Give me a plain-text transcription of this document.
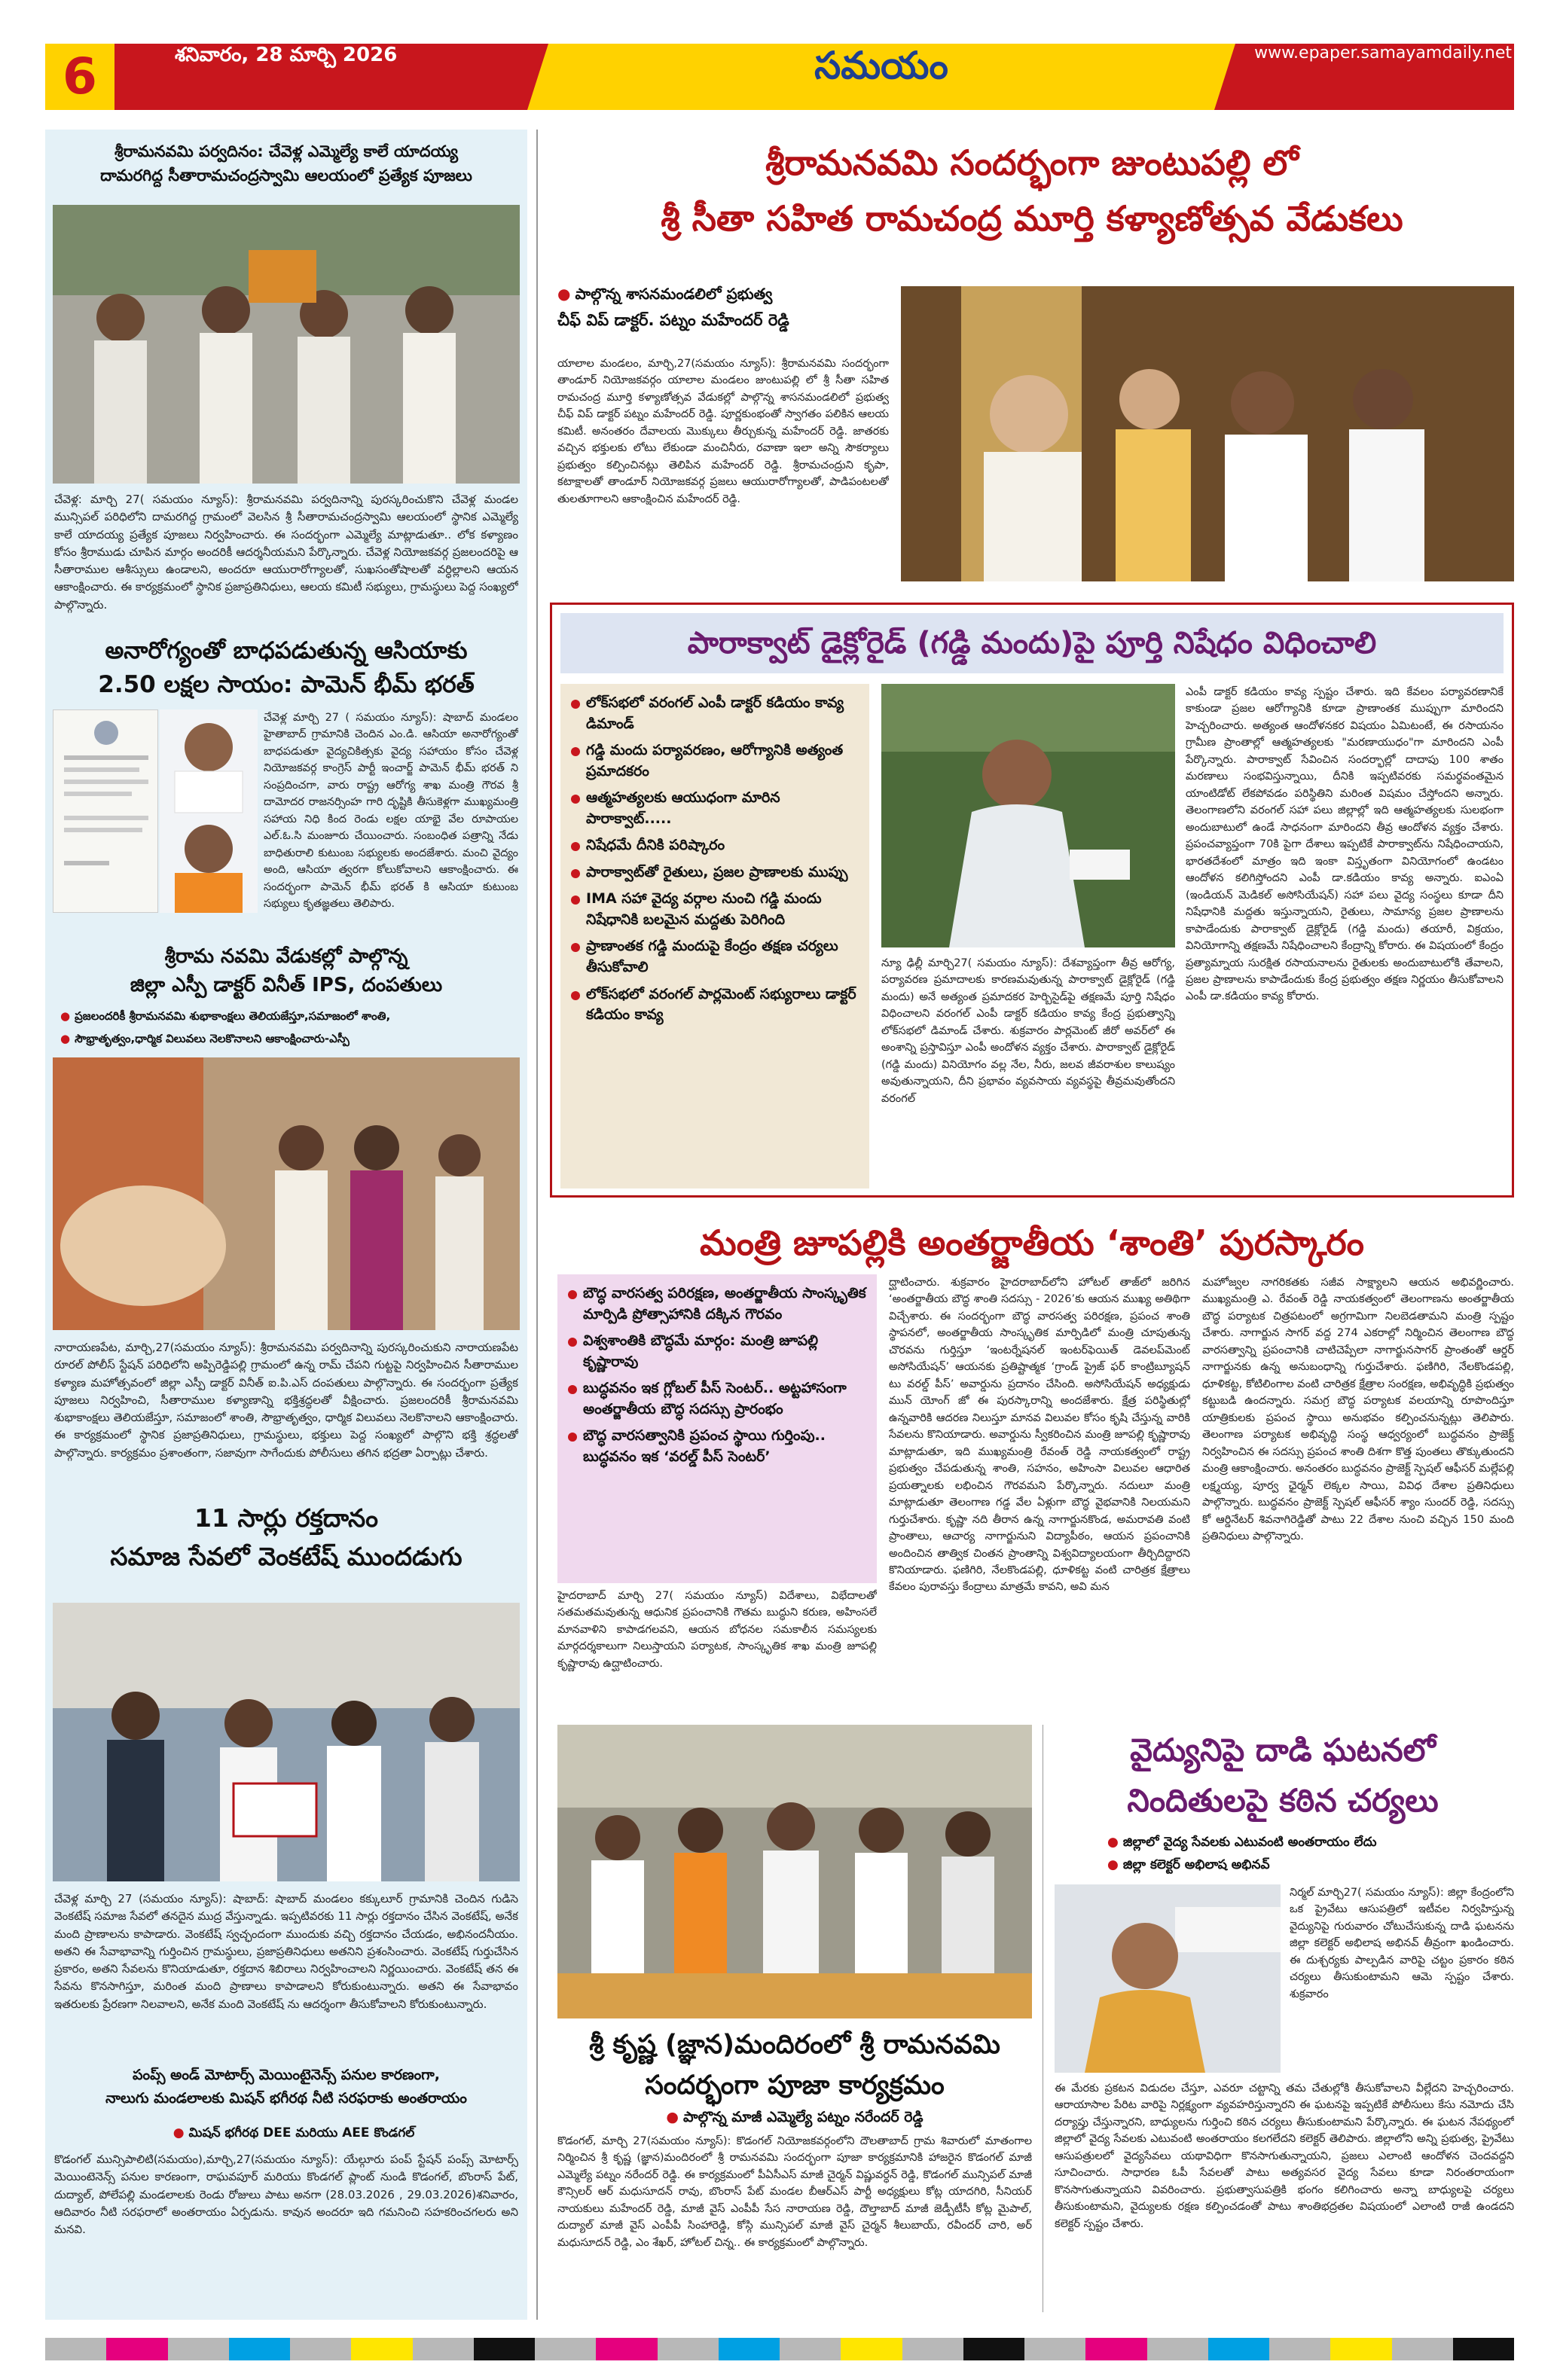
6	శనివారం, 28 మార్చి 2026	సమయం	www.epaper.samayamdaily.net
శ్రీరామనవమి పర్వదినం: చేవెళ్ల ఎమ్మెల్యే కాలే యాదయ్య
దామరగిద్ద సీతారామచంద్రస్వామి ఆలయంలో ప్రత్యేక పూజలు
చేవెళ్ల: మార్చి 27( సమయం న్యూస్): శ్రీరామనవమి పర్వదినాన్ని పురస్కరించుకొని చేవెళ్ల మండల మున్సిపల్ పరిధిలోని దామరగిద్ద గ్రామంలో వెలసిన శ్రీ సీతారామచంద్రస్వామి ఆలయంలో స్థానిక ఎమ్మెల్యే కాలే యాదయ్య ప్రత్యేక పూజలు నిర్వహించారు. ఈ సందర్భంగా ఎమ్మెల్యే మాట్లాడుతూ.. లోక కళ్యాణం కోసం శ్రీరాముడు చూపిన మార్గం అందరికీ ఆదర్శనీయమని పేర్కొన్నారు. చేవెళ్ల నియోజకవర్గ ప్రజలందరిపై ఆ సీతారాముల ఆశీస్సులు ఉండాలని, అందరూ ఆయురారోగ్యాలతో, సుఖసంతోషాలతో వర్ధిల్లాలని ఆయన ఆకాంక్షించారు. ఈ కార్యక్రమంలో స్థానిక ప్రజాప్రతినిధులు, ఆలయ కమిటీ సభ్యులు, గ్రామస్థులు పెద్ద సంఖ్యలో పాల్గొన్నారు.
అనారోగ్యంతో బాధపడుతున్న ఆసియాకు
2.50 లక్షల సాయం: పామెన్ భీమ్ భరత్
చేవెళ్ల మార్చి 27 ( సమయం న్యూస్): షాబాద్ మండలం హైతాబాద్ గ్రామానికి చెందిన ఎం.డి. ఆసియా అనారోగ్యంతో బాధపడుతూ వైద్యచికిత్సకు వైద్య సహాయం కోసం చేవెళ్ల నియోజకవర్గ కాంగ్రెస్ పార్టీ ఇంచార్జ్ పామెన్ భీమ్ భరత్ ని సంప్రదించగా, వారు రాష్ట్ర ఆరోగ్య శాఖ మంత్రి గౌరవ శ్రీ దామోదర రాజనర్సింహ గారి దృష్టికి తీసుకెళ్లగా ముఖ్యమంత్రి సహాయ నిధి కింద రెండు లక్షల యాభై వేల రూపాయల ఎల్.ఓ.సి మంజూరు చేయించారు. సంబంధిత పత్రాన్ని నేడు బాధితురాలి కుటుంబ సభ్యులకు అందజేశారు. మంచి వైద్యం అంది, ఆసియా త్వరగా కోలుకోవాలని ఆకాంక్షించారు. ఈ సందర్భంగా పామెన్ భీమ్ భరత్ కి ఆసియా కుటుంబ సభ్యులు కృతజ్ఞతలు తెలిపారు.
శ్రీరామ నవమి వేడుకల్లో పాల్గొన్న
జిల్లా ఎస్పీ డాక్టర్ వినీత్ IPS, దంపతులు
● ప్రజలందరికీ శ్రీరామనవమి శుభాకాంక్షలు తెలియజేస్తూ,సమాజంలో శాంతి,
● సౌభ్రాతృత్వం,ధార్మిక విలువలు నెలకొనాలని ఆకాంక్షించారు-ఎస్పీ
నారాయణపేట, మార్చి,27(సమయం న్యూస్): శ్రీరామనవమి పర్వదినాన్ని పురస్కరించుకుని నారాయణపేట రూరల్ పోలీస్ స్టేషన్ పరిధిలోని అప్పిరెడ్డిపల్లి గ్రామంలో ఉన్న రామ్ చేపని గుట్టపై నిర్వహించిన సీతారాముల కళ్యాణ మహోత్సవంలో జిల్లా ఎస్పీ డాక్టర్ వినీత్ ఐ.పి.ఎస్ దంపతులు పాల్గొన్నారు. ఈ సందర్భంగా ప్రత్యేక పూజలు నిర్వహించి, సీతారాముల కళ్యాణాన్ని భక్తిశ్రద్ధలతో వీక్షించారు. ప్రజలందరికీ శ్రీరామనవమి శుభాకాంక్షలు తెలియజేస్తూ, సమాజంలో శాంతి, సౌభ్రాతృత్వం, ధార్మిక విలువలు నెలకొనాలని ఆకాంక్షించారు. ఈ కార్యక్రమంలో స్థానిక ప్రజాప్రతినిధులు, గ్రామస్థులు, భక్తులు పెద్ద సంఖ్యలో పాల్గొని భక్తి శ్రద్ధలతో పాల్గొన్నారు. కార్యక్రమం ప్రశాంతంగా, సజావుగా సాగేందుకు పోలీసులు తగిన భద్రతా ఏర్పాట్లు చేశారు.
11 సార్లు రక్తదానం
సమాజ సేవలో వెంకటేష్ ముందడుగు
చేవెళ్ల మార్చి 27 (సమయం న్యూస్): షాబాద్: షాబాద్ మండలం కక్కులూర్ గ్రామానికి చెందిన గుడిసె వెంకటేష్ సమాజ సేవలో తనదైన ముద్ర వేస్తున్నాడు. ఇప్పటివరకు 11 సార్లు రక్తదానం చేసిన వెంకటేష్, అనేక మంది ప్రాణాలను కాపాడారు. వెంకటేష్ స్వచ్ఛందంగా ముందుకు వచ్చి రక్తదానం చేయడం, అభినందనీయం. అతని ఈ సేవాభావాన్ని గుర్తించిన గ్రామస్థులు, ప్రజాప్రతినిధులు అతనిని ప్రశంసించారు. వెంకటేష్ గుర్తుచేసిన ప్రకారం, అతని సేవలను కొనియాడుతూ, రక్తదాన శిబిరాలు నిర్వహించాలని నిర్ణయించారు. వెంకటేష్ తన ఈ సేవను కొనసాగిస్తూ, మరింత మంది ప్రాణాలు కాపాడాలని కోరుకుంటున్నారు. అతని ఈ సేవాభావం ఇతరులకు ప్రేరణగా నిలవాలని, అనేక మంది వెంకటేష్ ను ఆదర్శంగా తీసుకోవాలని కోరుకుంటున్నారు.
పంప్స్ అండ్ మోటార్స్ మెయింటైనెన్స్ పనుల కారణంగా,
నాలుగు మండలాలకు మిషన్ భగీరథ నీటి సరఫరాకు అంతరాయం
● మిషన్ భగీరథ DEE మరియు AEE కొండగల్
కొడంగల్ మున్సిపాలిటి(సమయం),మార్చి,27(సమయం న్యూస్): యేల్గూరు పంప్ స్టేషన్ పంప్స్ మోటార్స్ మెయింటెనెన్స్ పనుల కారణంగా, రాఘవపూర్ మరియు కొండగల్ ప్లాంట్ నుండి కొడంగల్, బొంరాస్ పేట్, దుద్యాల్, పోలేపల్లి మండలాలకు రెండు రోజులు పాటు అనగా (28.03.2026 , 29.03.2026)శనివారం, ఆదివారం నీటి సరఫరాలో అంతరాయం ఏర్పడును. కావున అందరూ ఇది గమనించి సహకరించగలరు అని మనవి.
శ్రీరామనవమి సందర్భంగా జుంటుపల్లి లో
శ్రీ సీతా సహిత రామచంద్ర మూర్తి కళ్యాణోత్సవ వేడుకలు
● పాల్గొన్న శాసనమండలిలో ప్రభుత్వ
చీఫ్ విప్ డాక్టర్. పట్నం మహేందర్ రెడ్డి
యాలాల మండలం, మార్చి,27(సమయం న్యూస్): శ్రీరామనవమి సందర్భంగా తాండూర్ నియోజకవర్గం యాలాల మండలం జుంటుపల్లి లో శ్రీ సీతా సహిత రామచంద్ర మూర్తి కళ్యాణోత్సవ వేడుకల్లో పాల్గొన్న శాసనమండలిలో ప్రభుత్వ చీఫ్ విప్ డాక్టర్ పట్నం మహేందర్ రెడ్డి. పూర్ణకుంభంతో స్వాగతం పలికిన ఆలయ కమిటీ. అనంతరం దేవాలయ మొక్కులు తీర్చుకున్న మహేందర్ రెడ్డి. జాతరకు వచ్చిన భక్తులకు లోటు లేకుండా మంచినీరు, రవాణా ఇలా అన్ని సౌకర్యాలు ప్రభుత్వం కల్పించినట్లు తెలిపిన మహేందర్ రెడ్డి. శ్రీరామచంద్రుని కృపా, కటాక్షాలతో తాండూర్ నియోజకవర్గ ప్రజలు ఆయురారోగ్యాలతో, పాడిపంటలతో తులతూగాలని ఆకాంక్షించిన మహేందర్ రెడ్డి.
పారాక్వాట్ డైక్లోరైడ్ (గడ్డి మందు)పై పూర్తి నిషేధం విధించాలి
లోక్‌సభలో వరంగల్ ఎంపీ డాక్టర్ కడియం కావ్య డిమాండ్
గడ్డి మందు పర్యావరణం, ఆరోగ్యానికి అత్యంత ప్రమాదకరం
ఆత్మహత్యలకు ఆయుధంగా మారిన పారాక్వాట్.....
నిషేధమే దీనికి పరిష్కారం
పారాక్వాట్‌తో రైతులు, ప్రజల ప్రాణాలకు ముప్పు
IMA సహా వైద్య వర్గాల నుంచి గడ్డి మందు నిషేధానికి బలమైన మద్దతు పెరిగింది
ప్రాణాంతక గడ్డి మందుపై కేంద్రం తక్షణ చర్యలు తీసుకోవాలి
లోక్‌సభలో వరంగల్ పార్లమెంట్ సభ్యురాలు డాక్టర్ కడియం కావ్య
న్యూ ఢిల్లీ మార్చి27( సమయం న్యూస్): దేశవ్యాప్తంగా తీవ్ర ఆరోగ్య, పర్యావరణ ప్రమాదాలకు కారణమవుతున్న పారాక్వాట్ డైక్లోరైడ్ (గడ్డి మందు) అనే అత్యంత ప్రమాదకర హెర్బిసైడ్‌పై తక్షణమే పూర్తి నిషేధం విధించాలని వరంగల్ ఎంపీ డాక్టర్ కడియం కావ్య కేంద్ర ప్రభుత్వాన్ని లోక్‌సభలో డిమాండ్ చేశారు. శుక్రవారం పార్లమెంట్ జీరో అవర్‌లో ఈ అంశాన్ని ప్రస్తావిస్తూ ఎంపీ అందోళన వ్యక్తం చేశారు. పారాక్వాట్ డైక్లోరైడ్ (గడ్డి మందు) వినియోగం వల్ల నేల, నీరు, జలవ జీవరాశుల కాలుష్యం అవుతున్నాయని, దీని ప్రభావం వ్యవసాయ వ్యవస్థపై తీవ్రమవుతోందని వరంగల్
ఎంపీ డాక్టర్ కడియం కావ్య స్పష్టం చేశారు. ఇది కేవలం పర్యావరణానికే కాకుండా ప్రజల ఆరోగ్యానికి కూడా ప్రాణాంతక ముప్పుగా మారిందని హెచ్చరించారు. అత్యంత ఆందోళనకర విషయం ఏమిటంటే, ఈ రసాయనం గ్రామీణ ప్రాంతాల్లో ఆత్మహత్యలకు "మరణాయుధం"గా మారిందని ఎంపీ పేర్కొన్నారు. పారాక్వాట్ సేవించిన సందర్భాల్లో దాదాపు 100 శాతం మరణాలు సంభవిస్తున్నాయి, దీనికి ఇప్పటివరకు సమర్థవంతమైన యాంటిడోట్ లేకపోవడం పరిస్థితిని మరింత విషమం చేస్తోందని అన్నారు. తెలంగాణలోని వరంగల్ సహా పలు జిల్లాల్లో ఇది ఆత్మహత్యలకు సులభంగా అందుబాటులో ఉండే సాధనంగా మారిందని తీవ్ర ఆందోళన వ్యక్తం చేశారు. ప్రపంచవ్యాప్తంగా 70కి పైగా దేశాలు ఇప్పటికే పారాక్వాట్‌ను నిషేధించాయని, భారతదేశంలో మాత్రం ఇది ఇంకా విస్తృతంగా వినియోగంలో ఉండటం ఆందోళన కలిగిస్తోందని ఎంపీ డా.కడియం కావ్య అన్నారు. ఐఎంఏ (ఇండియన్ మెడికల్ అసోసియేషన్) సహా పలు వైద్య సంస్థలు కూడా దీని నిషేధానికి మద్దతు ఇస్తున్నాయని, రైతులు, సామాన్య ప్రజల ప్రాణాలను కాపాడేందుకు పారాక్వాట్ డైక్లోరైడ్ (గడ్డి మందు) తయారీ, విక్రయం, వినియోగాన్ని తక్షణమే నిషేధించాలని కేంద్రాన్ని కోరారు. ఈ విషయంలో కేంద్రం ప్రత్యామ్నాయ సురక్షిత రసాయనాలను రైతులకు అందుబాటులోకి తేవాలని, ప్రజల ప్రాణాలను కాపాడేందుకు కేంద్ర ప్రభుత్వం తక్షణ నిర్ణయం తీసుకోవాలని ఎంపీ డా.కడియం కావ్య కోరారు.
మంత్రి జూపల్లికి అంతర్జాతీయ ‘శాంతి’ పురస్కారం
బౌద్ధ వారసత్వ పరిరక్షణ, అంతర్జాతీయ సాంస్కృతిక మార్పిడి ప్రోత్సాహానికి దక్కిన గౌరవం
విశ్వశాంతికి బౌద్ధమే మార్గం: మంత్రి జూపల్లి కృష్ణారావు
బుద్ధవనం ఇక గ్లోబల్ పీస్ సెంటర్.. అట్టహాసంగా అంతర్జాతీయ బౌద్ధ సదస్సు ప్రారంభం
బౌద్ధ వారసత్వానికి ప్రపంచ స్థాయి గుర్తింపు.. బుద్ధవనం ఇక ‘వరల్డ్ పీస్ సెంటర్’
హైదరాబాద్ మార్చి 27( సమయం న్యూస్) విదేశాలు, విభేదాలతో సతమతమవుతున్న ఆధునిక ప్రపంచానికి గౌతమ బుద్ధుని కరుణ, అహింసలే మానవాళిని కాపాడగలవని, ఆయన బోధనల సమకాలీన సమస్యలకు మార్గదర్శకాలుగా నిలుస్తాయని పర్యాటక, సాంస్కృతిక శాఖ మంత్రి జూపల్లి కృష్ణారావు ఉద్ఘాటించారు.
ద్ఘాటించారు. శుక్రవారం హైదరాబాద్‌లోని హోటల్ తాజ్‌లో జరిగిన ‘అంతర్జాతీయ బౌద్ధ శాంతి సదస్సు - 2026’కు ఆయన ముఖ్య అతిథిగా విచ్చేశారు. ఈ సందర్భంగా బౌద్ధ వారసత్వ పరిరక్షణ, ప్రపంచ శాంతి స్థాపనలో, అంతర్జాతీయ సాంస్కృతిక మార్పిడిలో మంత్రి చూపుతున్న చొరవను గుర్తిస్తూ ‘ఇంటర్నేషనల్ ఇంటర్‌ఫెయిత్ డెవలప్‌మెంట్ అసోసియేషన్’ ఆయనకు ప్రతిష్టాత్మక ‘గ్రాండ్ ప్రైజ్ ఫర్ కాంట్రిబ్యూషన్ టు వరల్డ్ పీస్’ అవార్డును ప్రదానం చేసింది. అసోసియేషన్ అధ్యక్షుడు మున్ యోంగ్ జో ఈ పురస్కారాన్ని అందజేశారు. క్షేత్ర పరిస్థితుల్లో ఉన్నవారికి ఆదరణ నిలుస్తూ మానవ విలువల కోసం కృషి చేస్తున్న వారికి సేవలను కొనియాడారు. అవార్డును స్వీకరించిన మంత్రి జూపల్లి కృష్ణారావు మాట్లాడుతూ, ఇది ముఖ్యమంత్రి రేవంత్ రెడ్డి నాయకత్వంలో రాష్ట్ర ప్రభుత్వం చేపడుతున్న శాంతి, సహనం, అహింసా విలువల ఆధారిత ప్రయత్నాలకు లభించిన గౌరవమని పేర్కొన్నారు. నదులూ మంత్రి మాట్లాడుతూ తెలంగాణ గడ్డ వేల ఏళ్లుగా బౌద్ధ వైభవానికి నిలయమని గుర్తుచేశారు. కృష్ణా నది తీరాన ఉన్న నాగార్జునకొండ, అమరావతి వంటి ప్రాంతాలు, ఆచార్య నాగార్జునుని విద్యాపీఠం, ఆయన ప్రపంచానికి అందించిన తాత్విక చింతన ప్రాంతాన్ని విశ్వవిద్యాలయంగా తీర్చిదిద్దారని కొనియాడారు. ఫణిగిరి, నేలకొండపల్లి, ధూళికట్ట వంటి చారిత్రక క్షేత్రాలు కేవలం పురావస్తు కేంద్రాలు మాత్రమే కావని, అవి మన
మహోజ్వల నాగరికతకు సజీవ సాక్ష్యాలని ఆయన అభివర్ణించారు. ముఖ్యమంత్రి ఎ. రేవంత్ రెడ్డి నాయకత్వంలో తెలంగాణను అంతర్జాతీయ బౌద్ధ పర్యాటక చిత్రపటంలో అగ్రగామిగా నిలబెడతామని మంత్రి స్పష్టం చేశారు. నాగార్జున సాగర్ వద్ద 274 ఎకరాల్లో నిర్మించిన తెలంగాణ బౌద్ధ వారసత్వాన్ని ప్రపంచానికి చాటిచెప్పేలా నాగార్జునసాగర్ ప్రాంతంతో ఆర్డర్ నాగార్జునకు ఉన్న అనుబంధాన్ని గుర్తుచేశారు. ఫణిగిరి, నేలకొండపల్లి, ధూళికట్ట, కోటిలింగాల వంటి చారిత్రక క్షేత్రాల సంరక్షణ, అభివృద్ధికి ప్రభుత్వం కట్టుబడి ఉందన్నారు. సమగ్ర బౌద్ధ పర్యాటక వలయాన్ని రూపొందిస్తూ యాత్రికులకు ప్రపంచ స్థాయి అనుభవం కల్పించనున్నట్లు తెలిపారు. తెలంగాణ పర్యాటక అభివృద్ధి సంస్థ ఆధ్వర్యంలో బుద్ధవనం ప్రాజెక్ట్ నిర్వహించిన ఈ సదస్సు ప్రపంచ శాంతి దిశగా కొత్త పుంతలు తొక్కుతుందని మంత్రి ఆకాంక్షించారు. అనంతరం బుద్ధవనం ప్రాజెక్ట్ స్పెషల్ ఆఫీసర్ మల్లేపల్లి లక్ష్మయ్య, పూర్వ ఛైర్మన్ లెక్కల సాయి, వివిధ దేశాల ప్రతినిధులు పాల్గొన్నారు. బుద్ధవనం ప్రాజెక్ట్ స్పెషల్ ఆఫీసర్ శ్యాం సుందర్ రెడ్డి, సదస్సు కో ఆర్డినేటర్ శివనాగిరెడ్డితో పాటు 22 దేశాల నుంచి వచ్చిన 150 మంది ప్రతినిధులు పాల్గొన్నారు.
శ్రీ కృష్ణ (జ్ఞాన)మందిరంలో శ్రీ రామనవమి
సందర్భంగా పూజా కార్యక్రమం
● పాల్గొన్న మాజీ ఎమ్మెల్యే పట్నం నరేందర్ రెడ్డి
కొడంగల్, మార్చి 27(సమయం న్యూస్): కొడంగల్ నియోజకవర్గంలోని దౌలతాబాద్ గ్రామ శివారులో మాతంగాల నిర్మించిన శ్రీ కృష్ణ (జ్ఞాన)మందిరంలో శ్రీ రామనవమి సందర్భంగా పూజా కార్యక్రమానికి హాజరైన కొడంగల్ మాజీ ఎమ్మెల్యే పట్నం నరేందర్ రెడ్డి. ఈ కార్యక్రమంలో పీఏసీఎస్ మాజీ చైర్మన్ విష్ణువర్ధన్ రెడ్డి, కొడంగల్ మున్సిపల్ మాజీ కౌన్సిలర్ ఆర్ మధుసూదన్ రావు, బొంరాస్ పేట్ మండల బీఆర్ఎస్ పార్టీ అధ్యక్షులు కోట్ల యాదగిరి, సీనియర్ నాయకులు మహేందర్ రెడ్డి, మాజీ వైస్ ఎంపీపీ సేస నారాయణ రెడ్డి, దౌల్తాబాద్ మాజీ జెడ్పీటీసీ కోట్ల మైపాల్, దుద్యాల్ మాజీ వైస్ ఎంపీపీ సింహారెడ్డి, కోస్గి మున్సిపల్ మాజీ వైస్ చైర్మన్ శీలుబాయ్, రవీందర్ చారి, అర్ మధుసూదన్ రెడ్డి, ఎం శేఖర్, హోటల్ చిన్న.. ఈ కార్యక్రమంలో పాల్గొన్నారు.
వైద్యునిపై దాడి ఘటనలో
నిందితులపై కఠిన చర్యలు
● జిల్లాలో వైద్య సేవలకు ఎటువంటి అంతరాయం లేదు
● జిల్లా కలెక్టర్ అభిలాష అభినవ్
నిర్మల్ మార్చి27( సమయం న్యూస్): జిల్లా కేంద్రంలోని ఒక ప్రైవేటు ఆసుపత్రిలో ఇటీవల నిర్వహిస్తున్న వైద్యునిపై గురువారం చోటుచేసుకున్న దాడి ఘటనను జిల్లా కలెక్టర్ అభిలాష అభినవ్ తీవ్రంగా ఖండించారు. ఈ దుశ్చర్యకు పాల్పడిన వారిపై చట్టం ప్రకారం కఠిన చర్యలు తీసుకుంటామని ఆమె స్పష్టం చేశారు. శుక్రవారం
ఈ మేరకు ప్రకటన విడుదల చేస్తూ, ఎవరూ చట్టాన్ని తమ చేతుల్లోకి తీసుకోవాలని వీల్లేదని హెచ్చరించారు. ఆరాయాసాల పేరిట వారిపై నిర్లక్ష్యంగా వ్యవహరిస్తున్నారని ఈ ఘటనపై ఇప్పటికే పోలీసులు కేసు నమోదు చేసి దర్యాప్తు చేస్తున్నారని, బాధ్యులను గుర్తించి కఠిన చర్యలు తీసుకుంటామని పేర్కొన్నారు. ఈ ఘటన నేపథ్యంలో జిల్లాలో వైద్య సేవలకు ఎటువంటి అంతరాయం కలగలేదని కలెక్టర్ తెలిపారు. జిల్లాలోని అన్ని ప్రభుత్వ, ప్రైవేటు ఆసుపత్రులలో వైద్యసేవలు యథావిధిగా కొనసాగుతున్నాయని, ప్రజలు ఎలాంటి ఆందోళన చెందవద్దని సూచించారు. సాధారణ ఓపీ సేవలతో పాటు అత్యవసర వైద్య సేవలు కూడా నిరంతరాయంగా కొనసాగుతున్నాయని వివరించారు. ప్రభుత్వాసుపత్రికి భంగం కలిగించారు అన్నా బాధ్యులపై చర్యలు తీసుకుంటామని, వైద్యులకు రక్షణ కల్పించడంతో పాటు శాంతిభద్రతల విషయంలో ఎలాంటి రాజీ ఉండదని కలెక్టర్ స్పష్టం చేశారు.
